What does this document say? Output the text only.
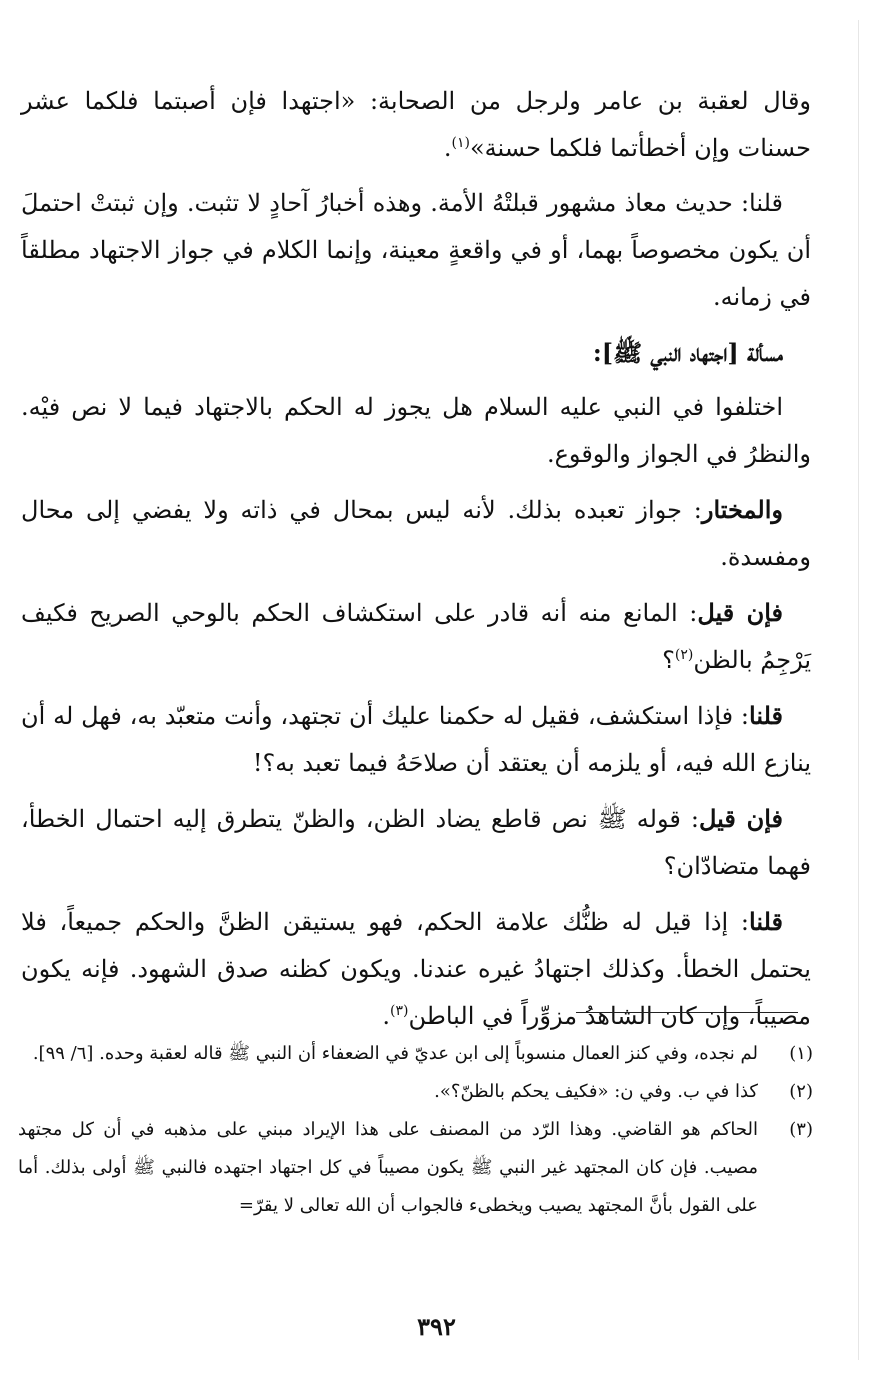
وقال لعقبة بن عامر ولرجل من الصحابة: «اجتهدا فإن أصبتما فلكما عشر حسنات وإن أخطأتما فلكما حسنة»$^{(١)}$.

قلنا: حديث معاذ مشهور قبلتْهُ الأمة. وهذه أخبارُ آحادٍ لا تثبت. وإن ثبتتْ احتملَ أن يكون مخصوصاً بهما، أو في واقعةٍ معينة، وإنما الكلام في جواز الاجتهاد مطلقاً في زمانه.

مسألة [اجتهاد النبي ﷺ]:

اختلفوا في النبي عليه السلام هل يجوز له الحكم بالاجتهاد فيما لا نص فيْه. والنظرُ في الجواز والوقوع.

والمختار: جواز تعبده بذلك. لأنه ليس بمحال في ذاته ولا يفضي إلى محال ومفسدة.

فإن قيل: المانع منه أنه قادر على استكشاف الحكم بالوحي الصريح فكيف يَرْجِمُ بالظن$^{(٢)}$؟

قلنا: فإذا استكشف، فقيل له حكمنا عليك أن تجتهد، وأنت متعبّد به، فهل له أن ينازع الله فيه، أو يلزمه أن يعتقد أن صلاحَهُ فيما تعبد به؟!

فإن قيل: قوله ﷺ نص قاطع يضاد الظن، والظنّ يتطرق إليه احتمال الخطأ، فهما متضادّان؟

قلنا: إذا قيل له ظنُّك علامة الحكم، فهو يستيقن الظنَّ والحكم جميعاً، فلا يحتمل الخطأ. وكذلك اجتهادُ غيره عندنا. ويكون كظنه صدق الشهود. فإنه يكون مصيباً، وإن كان الشاهدُ مزوِّراً في الباطن$^{(٣)}$.

(١)
لم نجده، وفي كنز العمال منسوباً إلى ابن عديّ في الضعفاء أن النبي ﷺ قاله لعقبة وحده. [٦/ ٩٩].

(٢)
كذا في ب. وفي ن: «فكيف يحكم بالظنّ؟».

(٣)
الحاكم هو القاضي. وهذا الرّد من المصنف على هذا الإيراد مبني على مذهبه في أن كل مجتهد مصيب. فإن كان المجتهد غير النبي ﷺ يكون مصيباً في كل اجتهاد اجتهده فالنبي ﷺ أولى بذلك. أما على القول بأنَّ المجتهد يصيب ويخطىء فالجواب أن الله تعالى لا يقرّ=

٣٩٢
